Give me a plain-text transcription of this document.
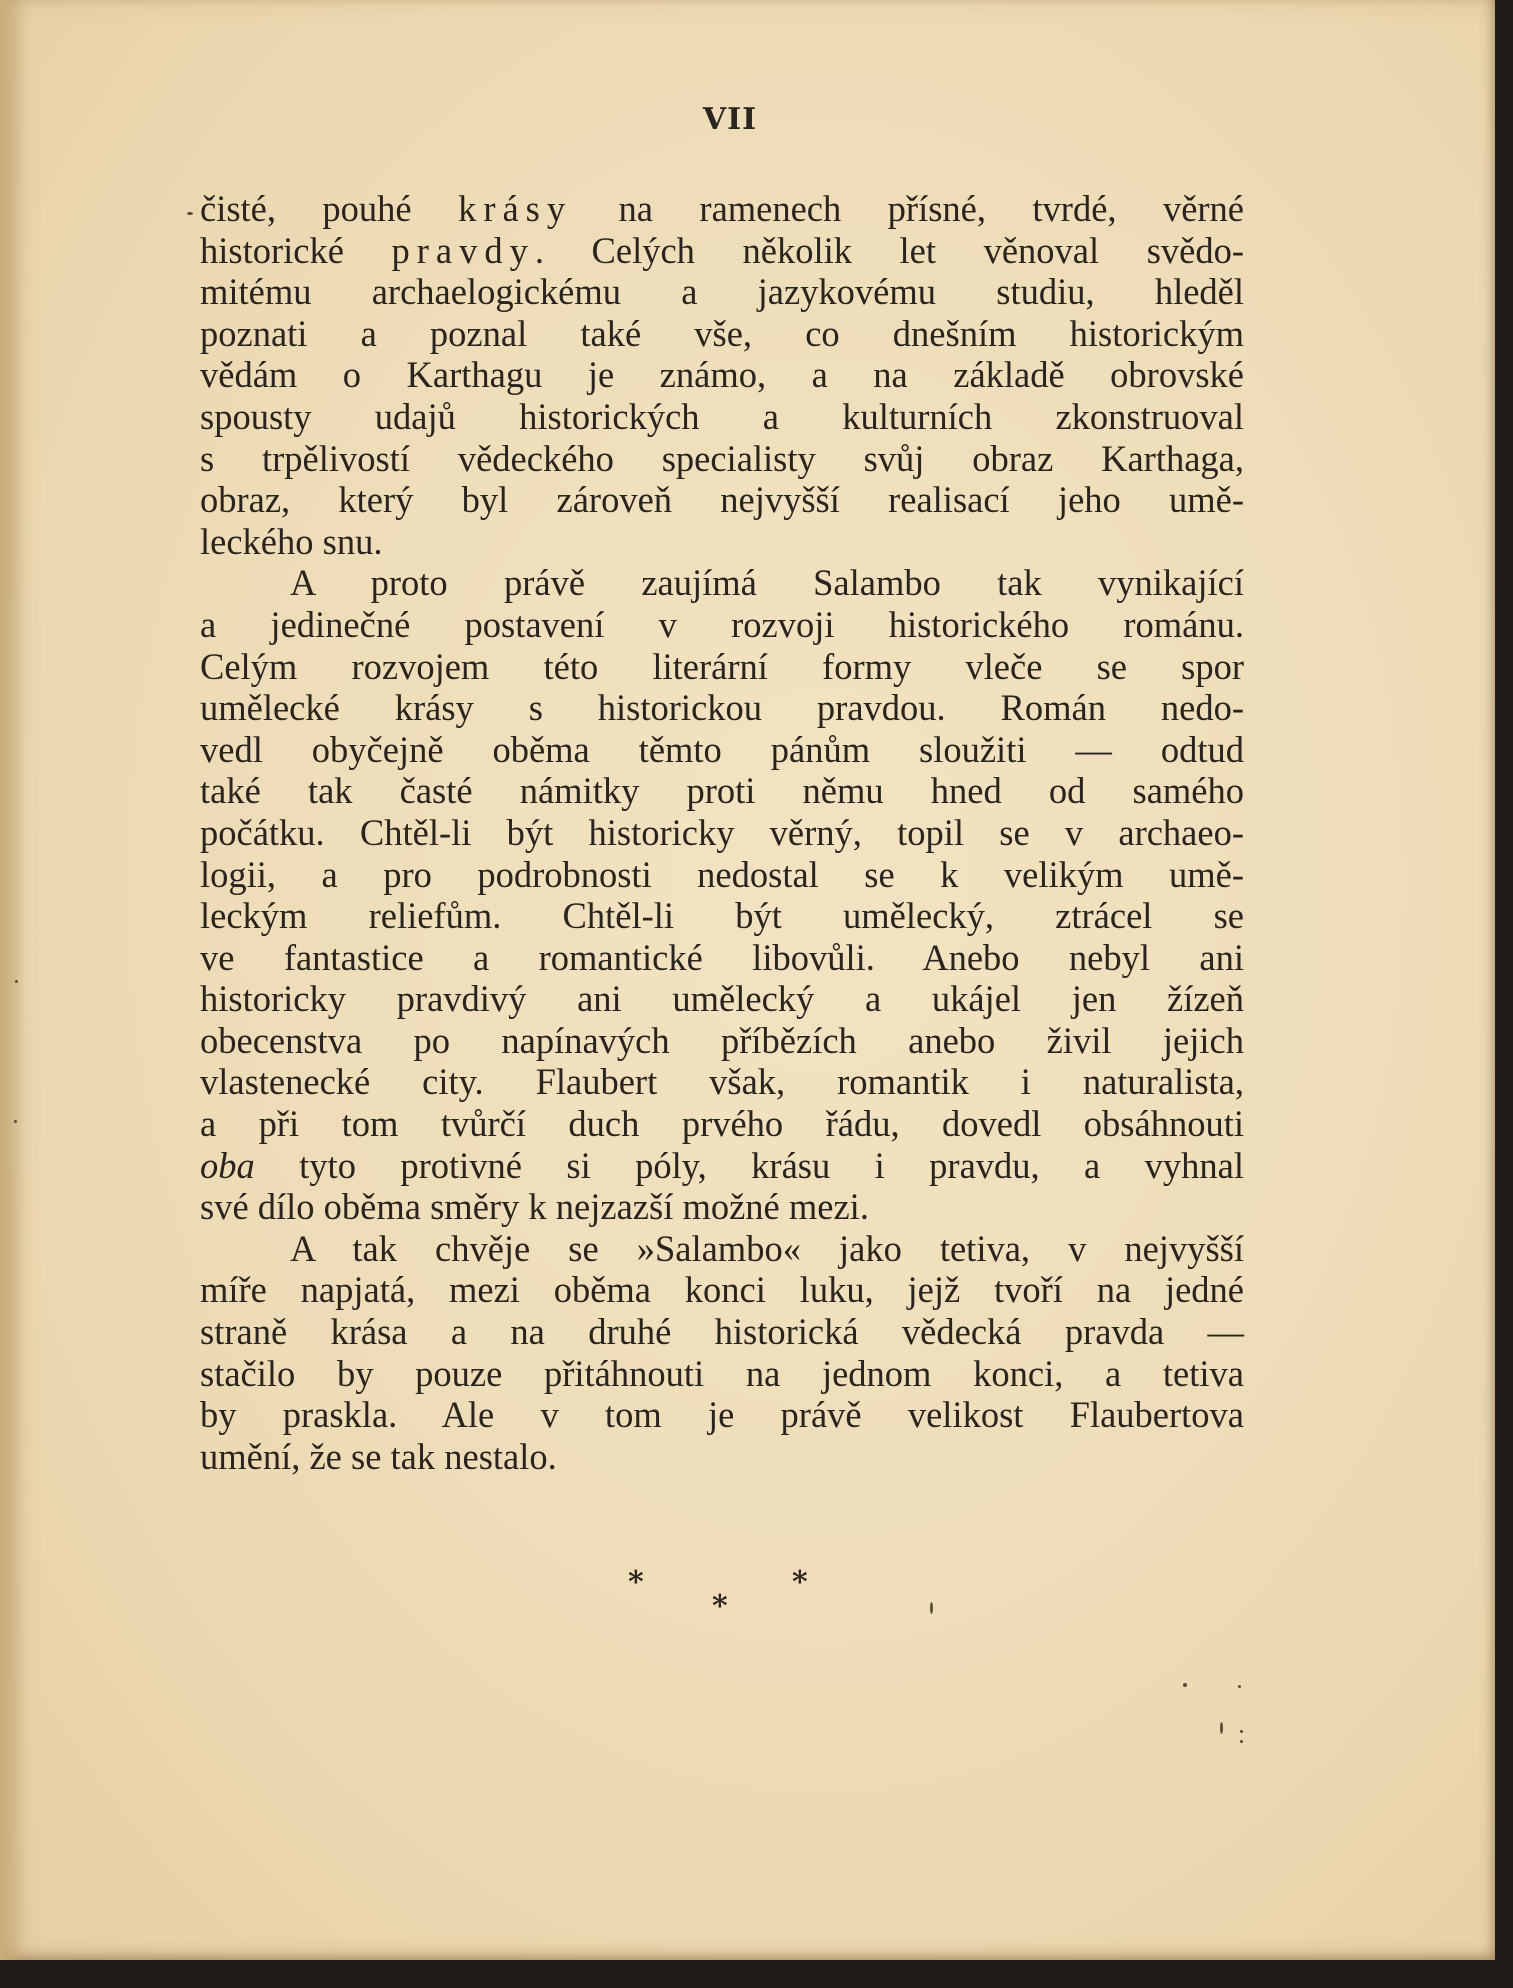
VII
čisté, pouhé krásy na ramenech přísné, tvrdé, věrné
historické pravdy. Celých několik let věnoval svědo-
mitému archaelogickému a jazykovému studiu, hleděl
poznati a poznal také vše, co dnešním historickým
vědám o Karthagu je známo, a na základě obrovské
spousty udajů historických a kulturních zkonstruoval
s trpělivostí vědeckého specialisty svůj obraz Karthaga,
obraz, který byl zároveň nejvyšší realisací jeho umě-
leckého snu.
A proto právě zaujímá Salambo tak vynikající
a jedinečné postavení v rozvoji historického románu.
Celým rozvojem této literární formy vleče se spor
umělecké krásy s historickou pravdou. Román nedo-
vedl obyčejně oběma těmto pánům sloužiti — odtud
také tak časté námitky proti němu hned od samého
počátku. Chtěl-li být historicky věrný, topil se v archaeo-
logii, a pro podrobnosti nedostal se k velikým umě-
leckým reliefům. Chtěl-li být umělecký, ztrácel se
ve fantastice a romantické libovůli. Anebo nebyl ani
historicky pravdivý ani umělecký a ukájel jen žízeň
obecenstva po napínavých příbězích anebo živil jejich
vlastenecké city. Flaubert však, romantik i naturalista,
a při tom tvůrčí duch prvého řádu, dovedl obsáhnouti
oba tyto protivné si póly, krásu i pravdu, a vyhnal
své dílo oběma směry k nejzazší možné mezi.
A tak chvěje se »Salambo« jako tetiva, v nejvyšší
míře napjatá, mezi oběma konci luku, jejž tvoří na jedné
straně krása a na druhé historická vědecká pravda —
stačilo by pouze přitáhnouti na jednom konci, a tetiva
by praskla. Ale v tom je právě velikost Flaubertova
umění, že se tak nestalo.
*
*
*
